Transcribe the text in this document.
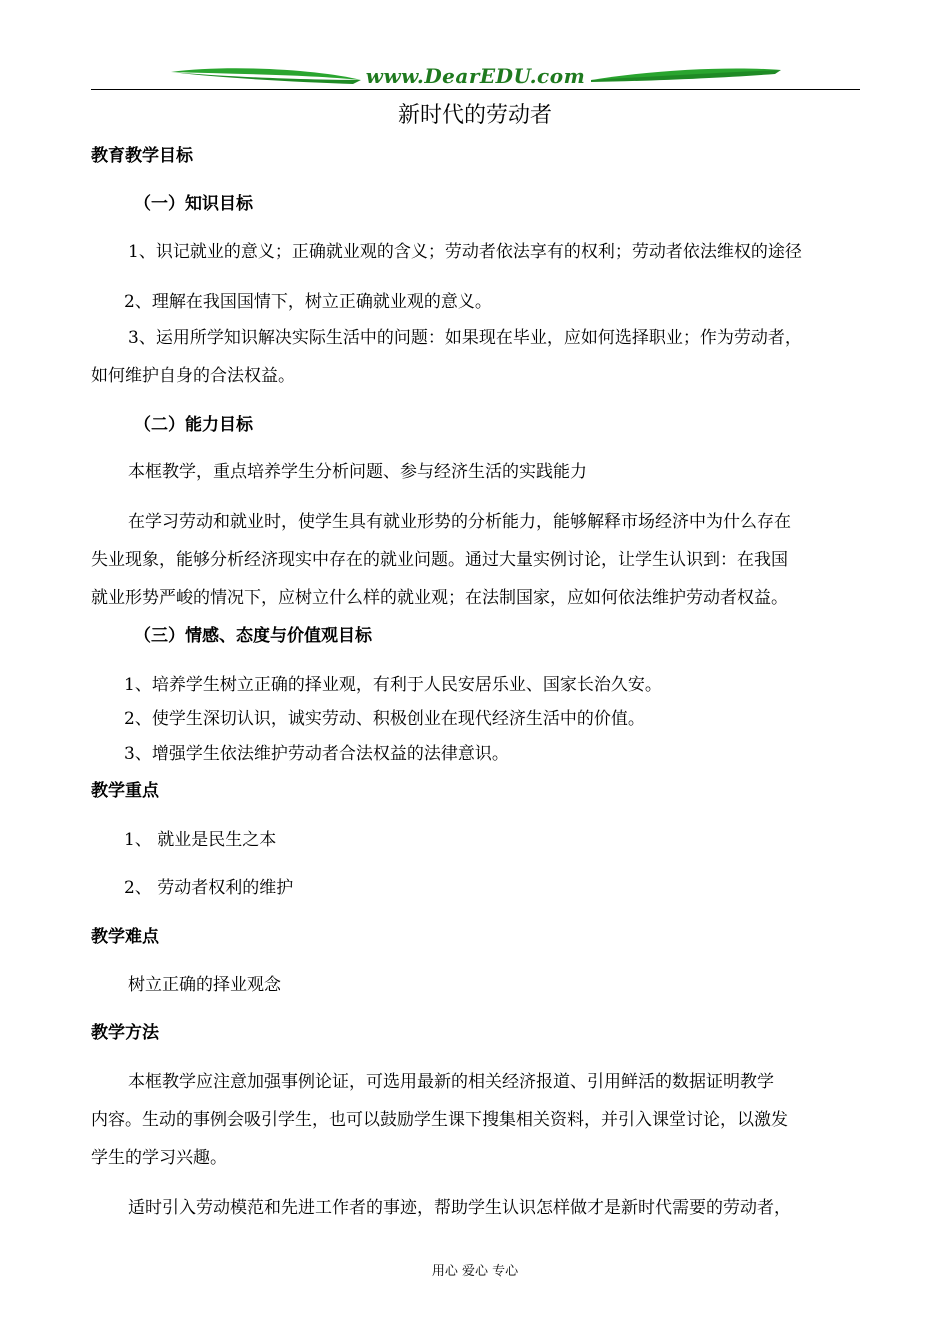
www.DearEDU.com
新时代的劳动者
教育教学目标
（一）知识目标
1、识记就业的意义；正确就业观的含义；劳动者依法享有的权利；劳动者依法维权的途径
2、理解在我国国情下，树立正确就业观的意义。
3、运用所学知识解决实际生活中的问题：如果现在毕业，应如何选择职业；作为劳动者，
如何维护自身的合法权益。
（二）能力目标
本框教学，重点培养学生分析问题、参与经济生活的实践能力
在学习劳动和就业时，使学生具有就业形势的分析能力，能够解释市场经济中为什么存在
失业现象，能够分析经济现实中存在的就业问题。通过大量实例讨论，让学生认识到：在我国
就业形势严峻的情况下，应树立什么样的就业观；在法制国家，应如何依法维护劳动者权益。
（三）情感、态度与价值观目标
1、培养学生树立正确的择业观，有利于人民安居乐业、国家长治久安。
2、使学生深切认识，诚实劳动、积极创业在现代经济生活中的价值。
3、增强学生依法维护劳动者合法权益的法律意识。
教学重点
1、 就业是民生之本
2、 劳动者权利的维护
教学难点
树立正确的择业观念
教学方法
本框教学应注意加强事例论证，可选用最新的相关经济报道、引用鲜活的数据证明教学
内容。生动的事例会吸引学生，也可以鼓励学生课下搜集相关资料，并引入课堂讨论，以激发
学生的学习兴趣。
适时引入劳动模范和先进工作者的事迹，帮助学生认识怎样做才是新时代需要的劳动者，
用心 爱心 专心
